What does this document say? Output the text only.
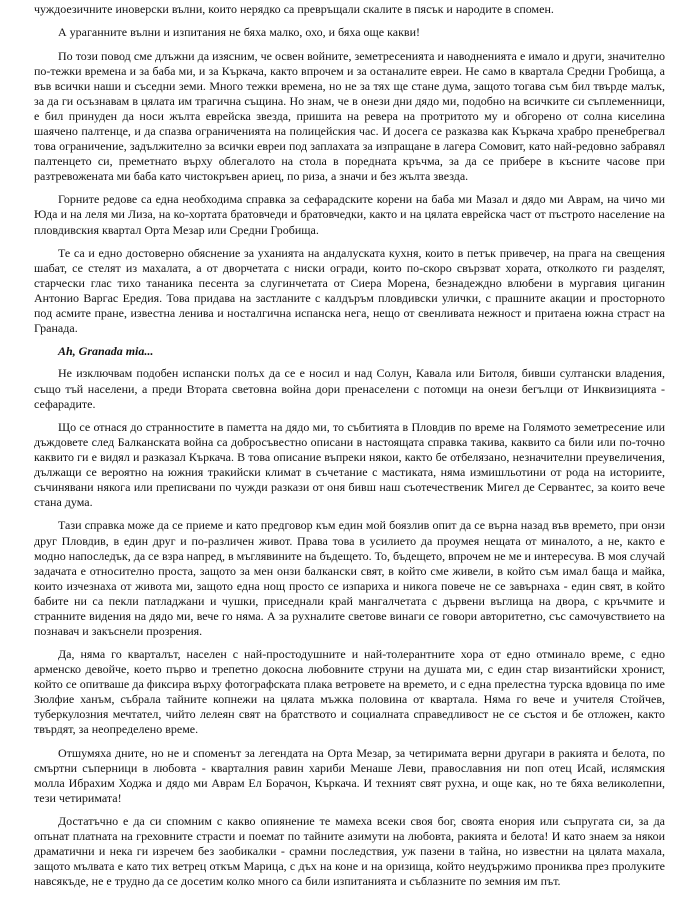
чуждоезичните иноверски вълни, които нерядко са превръщали скалите в пясък и народите в спомен.

А ураганните вълни и изпитания не бяха малко, охо, и бяха още какви!

По този повод сме длъжни да изясним, че освен войните, земетресенията и наводненията е имало и други, значително по-тежки времена и за баба ми, и за Къркача, както впрочем и за останалите евреи. Не само в квартала Средни Гробища, а във всички наши и съседни земи. Много тежки времена, но не за тях ще стане дума, защото тогава съм бил твърде малък, за да ги осъзнавам в цялата им трагична същина. Но знам, че в онези дни дядо ми, подобно на всичките си съплеменници, е бил принуден да носи жълта еврейска звезда, пришита на ревера на протритото му и обгорено от солна киселина шаячено палтенце, и да спазва ограниченията на полицейския час. И досега се разказва как Къркача храбро пренебрегвал това ограничение, задължително за всички евреи под заплахата за изпращане в лагера Сомовит, като най-редовно забравял палтенцето си, преметнато върху облегалото на стола в поредната кръчма, за да се прибере в късните часове при разтревожената ми баба като чистокръвен ариец, по риза, а значи и без жълта звезда.

Горните редове са една необходима справка за сефарадските корени на баба ми Мазал и дядо ми Аврам, на чичо ми Юда и на леля ми Лиза, на ко-хортата братовчеди и братовчедки, както и на цялата еврейска част от пъстрото население на пловдивския квартал Орта Мезар или Средни Гробища.

Те са и едно достоверно обяснение за уханията на андалуската кухня, които в петък привечер, на прага на свещения шабат, се стелят из махалата, а от дворчетата с ниски огради, които по-скоро свързват хората, отколкото ги разделят, старчески глас тихо тананика песента за слугинчетата от Сиера Морена, безнадеждно влюбени в мургавия циганин Антонио Варгас Ередия. Това придава на застланите с калдъръм пловдивски улички, с прашните акации и просторното под асмите пране, известна ленива и носталгична испанска нега, нещо от свенливата нежност и притаена южна страст на Гранада.

Ah, Granada mia...

Не изключвам подобен испански полъх да се е носил и над Солун, Кавала или Битоля, бивши султански владения, също тъй населени, а преди Втората световна война дори пренаселени с потомци на онези бегълци от Инквизицията - сефарадите.

Що се отнася до странностите в паметта на дядо ми, то събитията в Пловдив по време на Голямото земетресение или дъждовете след Балканската война са добросъвестно описани в настоящата справка такива, каквито са били или по-точно каквито ги е видял и разказал Къркача. В това описание въпреки някои, както бе отбелязано, незначителни преувеличения, дължащи се вероятно на южния тракийски климат в съчетание с мастиката, няма измишльотини от рода на историите, съчинявани някога или преписвани по чужди разкази от оня бивш наш съотечественик Мигел де Сервантес, за които вече стана дума.

Тази справка може да се приеме и като предговор към един мой боязлив опит да се върна назад във времето, при онзи друг Пловдив, в един друг и по-различен живот. Права това в усилието да проумея нещата от миналото, а не, както е модно напоследък, да се взра напред, в мъглявините на бъдещето. То, бъдещето, впрочем не ме и интересува. В моя случай задачата е относително проста, защото за мен онзи балкански свят, в който сме живели, в който съм имал баща и майка, които изчезнаха от живота ми, защото една нощ просто се изпариха и никога повече не се завърнаха - един свят, в който бабите ни са пекли патладжани и чушки, приседнали край мангалчетата с дървени въглища на двора, с кръчмите и странните видения на дядо ми, вече го няма. А за рухналите светове винаги се говори авторитетно, със самочувствието на познавач и закъснели прозрения.

Да, няма го кварталът, населен с най-простодушните и най-толерантните хора от едно отминало време, с едно арменско девойче, което първо и трепетно докосна любовните струни на душата ми, с един стар византийски хронист, който се опитваше да фиксира върху фотографската плака ветровете на времето, и с една прелестна турска вдовица по име Зюлфие ханъм, събрала тайните копнежи на цялата мъжка половина от квартала. Няма го вече и учителя Стойчев, туберкулозния мечтател, чийто лелеян свят на братството и социалната справедливост не се състоя и бе отложен, както твърдят, за неопределено време.

Отшумяха дните, но не и споменът за легендата на Орта Мезар, за четиримата верни другари в ракията и белота, по смъртни съперници в любовта - кварталния равин хариби Менаше Леви, православния ни поп отец Исай, ислямския молла Ибрахим Ходжа и дядо ми Аврам Ел Борачон, Къркача. И техният свят рухна, и още как, но те бяха великолепни, тези четиримата!

Достатъчно е да си спомним с какво опиянение те мамеха всеки своя бог, своята енория или съпругата си, за да опънат платната на греховните страсти и поемат по тайните азимути на любовта, ракията и белота! И като знаем за някои драматични и нека ги изречем без заобикалки - срамни последствия, уж пазени в тайна, но известни на цялата махала, защото мълвата е като тих ветрец откъм Марица, с дъх на коне и на оризища, който неудържимо прониква през пролуките навсякъде, не е трудно да се досетим колко много са били изпитанията и съблазните по земния им път.
